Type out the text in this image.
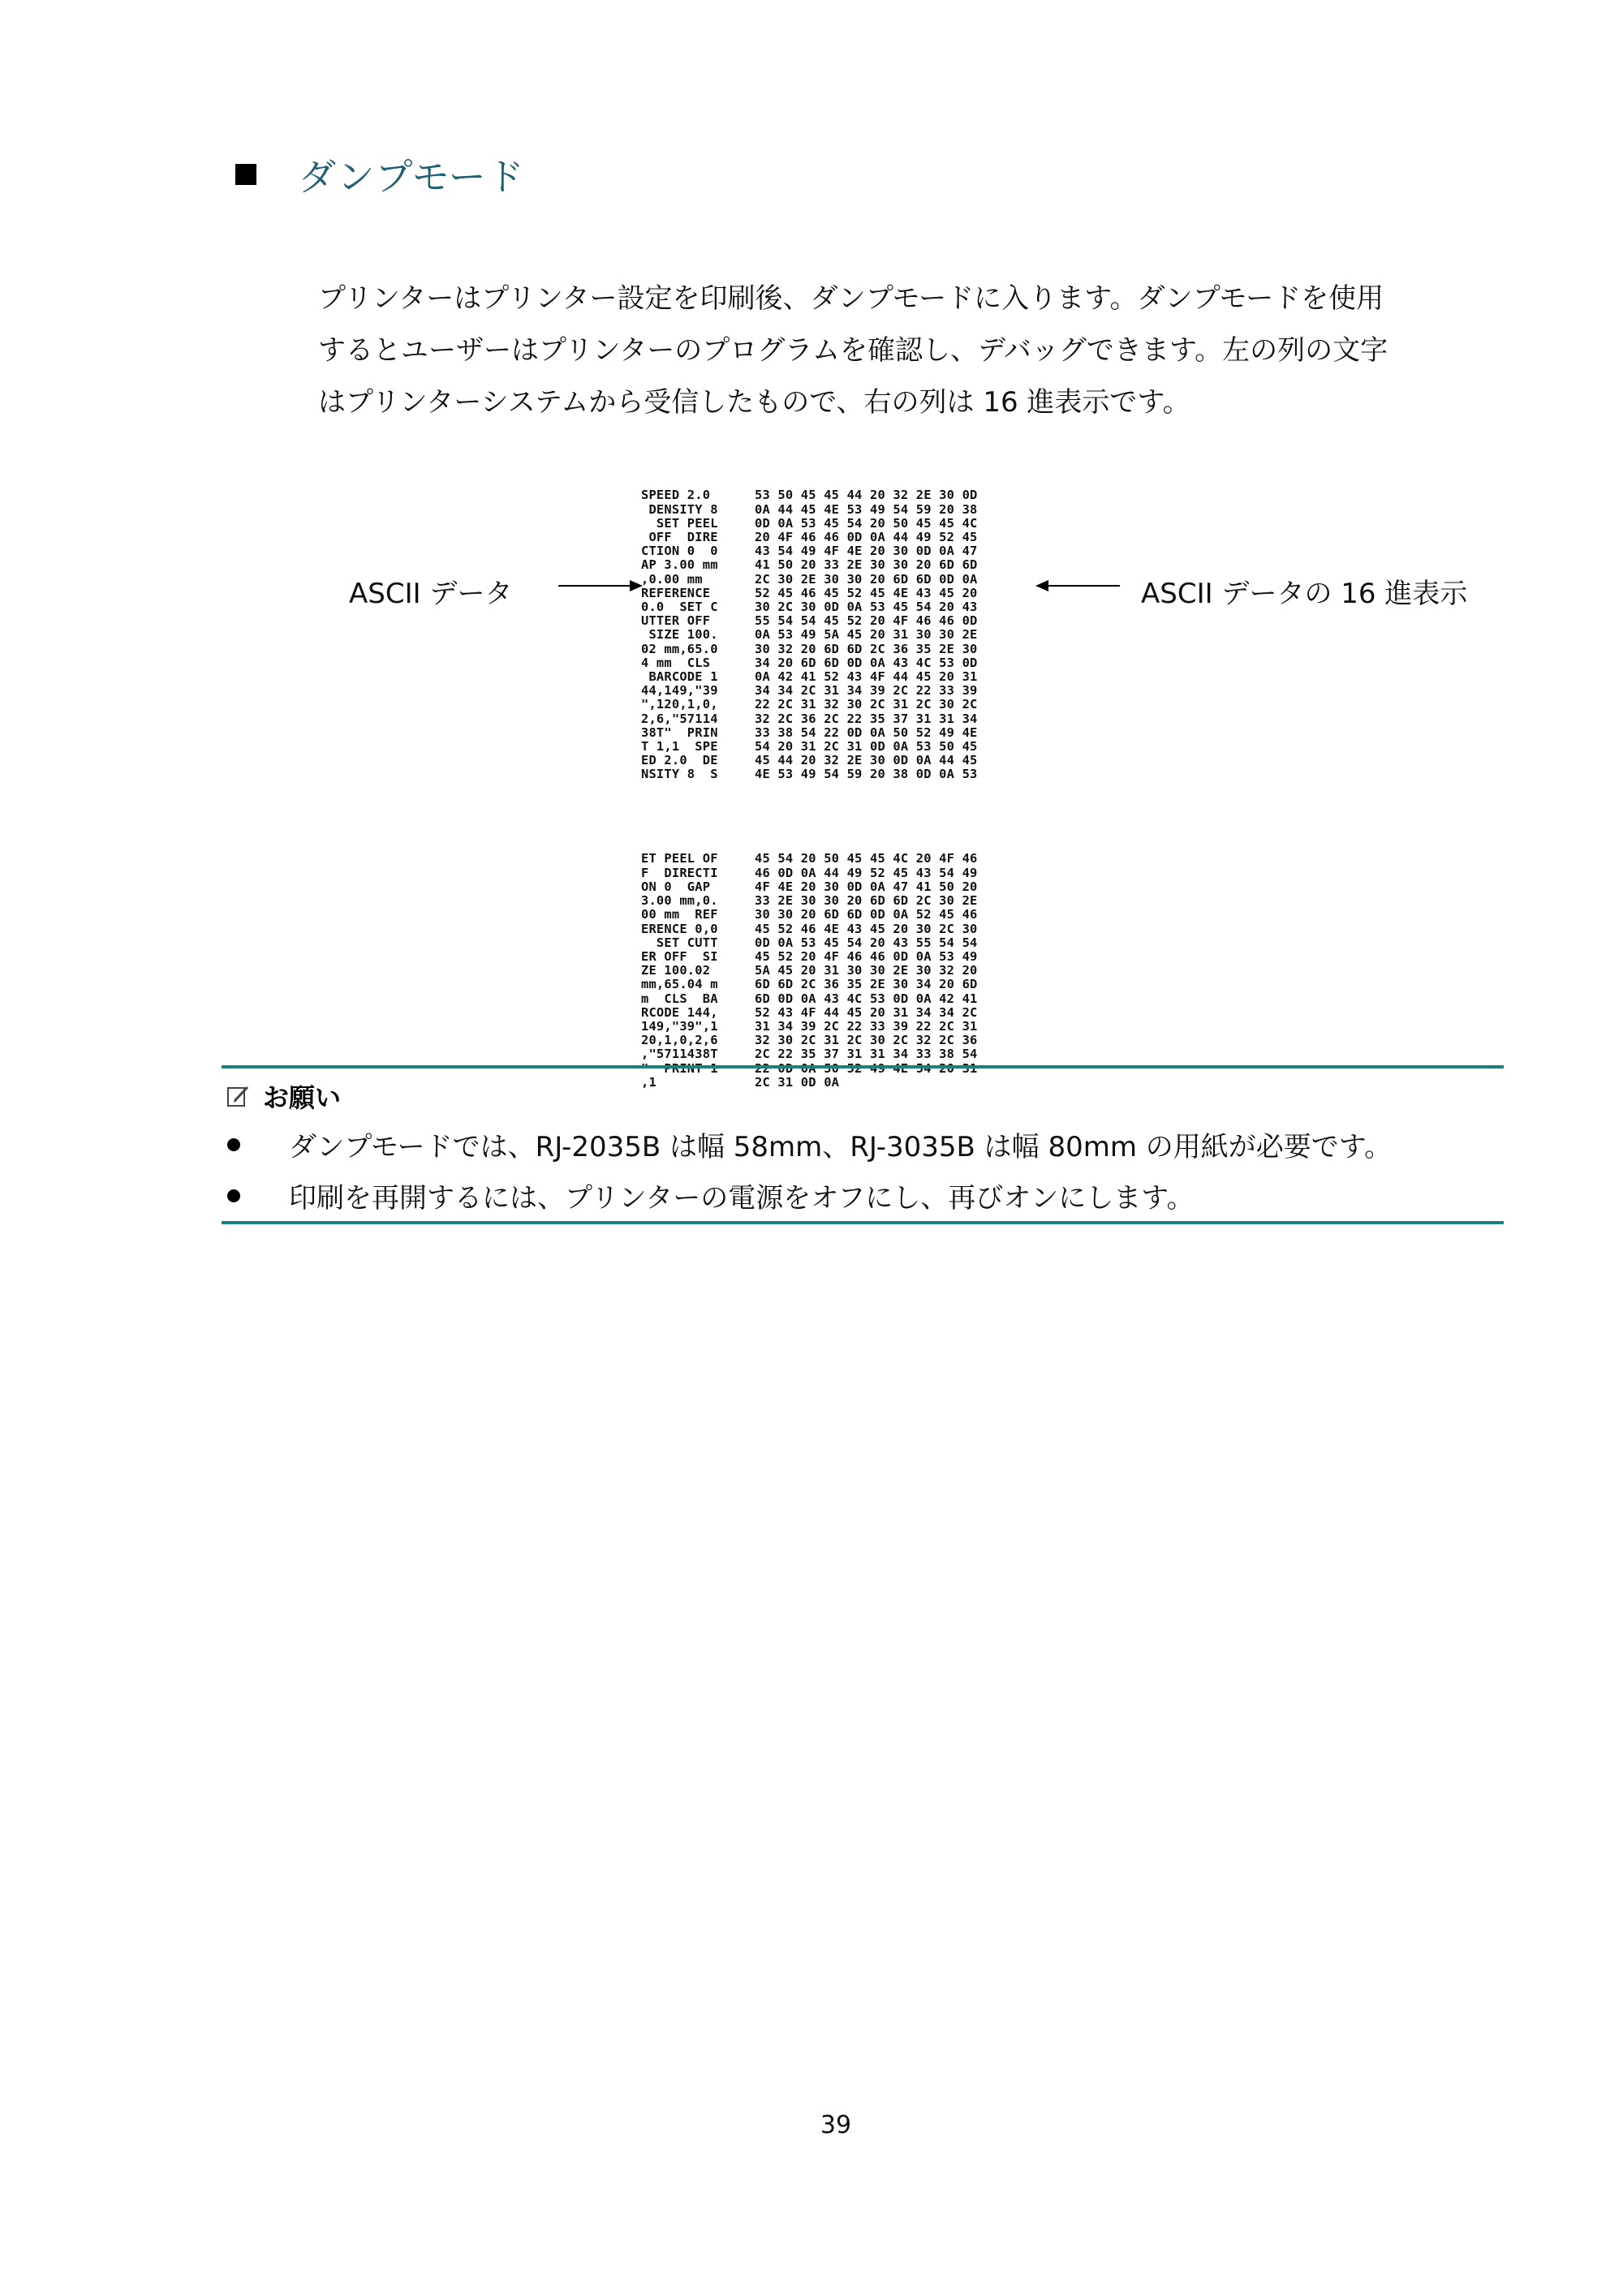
ダンプモード

プリンターはプリンター設定を印刷後、ダンプモードに入ります。ダンプモードを使用

するとユーザーはプリンターのプログラムを確認し、デバッグできます。左の列の文字

はプリンターシステムから受信したもので、右の列は 16 進表示です。

ASCII データ

SPEED 2.0
DENSITY 8
SET PEEL
OFF  DIRE
CTION 0  0
AP 3.00 mm
,0.00 mm
REFERENCE
0.0  SET C
UTTER OFF
SIZE 100.
02 mm,65.0
4 mm  CLS
BARCODE 1
44,149,"39
",120,1,0,
2,6,"57114
38T"  PRIN
T 1,1  SPE
ED 2.0  DE
NSITY 8  S

ET PEEL OF
F  DIRECTI
ON 0  GAP
3.00 mm,0.
00 mm  REF
ERENCE 0,0
SET CUTT
ER OFF  SI
ZE 100.02
mm,65.04 m
m  CLS  BA
RCODE 144,
149,"39",1
20,1,0,2,6
,"5711438T
,1

53 50 45 45 44 20 32 2E 30 0D
0A 44 45 4E 53 49 54 59 20 38
0D 0A 53 45 54 20 50 45 45 4C
20 4F 46 46 0D 0A 44 49 52 45
43 54 49 4F 4E 20 30 0D 0A 47
41 50 20 33 2E 30 30 20 6D 6D
2C 30 2E 30 30 20 6D 6D 0D 0A
52 45 46 45 52 45 4E 43 45 20
30 2C 30 0D 0A 53 45 54 20 43
55 54 54 45 52 20 4F 46 46 0D
0A 53 49 5A 45 20 31 30 30 2E
30 32 20 6D 6D 2C 36 35 2E 30
34 20 6D 6D 0D 0A 43 4C 53 0D
0A 42 41 52 43 4F 44 45 20 31
34 34 2C 31 34 39 2C 22 33 39
22 2C 31 32 30 2C 31 2C 30 2C
32 2C 36 2C 22 35 37 31 31 34
33 38 54 22 0D 0A 50 52 49 4E
54 20 31 2C 31 0D 0A 53 50 45
45 44 20 32 2E 30 0D 0A 44 45
4E 53 49 54 59 20 38 0D 0A 53

45 54 20 50 45 45 4C 20 4F 46
46 0D 0A 44 49 52 45 43 54 49
4F 4E 20 30 0D 0A 47 41 50 20
33 2E 30 30 20 6D 6D 2C 30 2E
30 30 20 6D 6D 0D 0A 52 45 46
45 52 46 4E 43 45 20 30 2C 30
0D 0A 53 45 54 20 43 55 54 54
45 52 20 4F 46 46 0D 0A 53 49
5A 45 20 31 30 30 2E 30 32 20
6D 6D 2C 36 35 2E 30 34 20 6D
6D 0D 0A 43 4C 53 0D 0A 42 41
52 43 4F 44 45 20 31 34 34 2C
31 34 39 2C 22 33 39 22 2C 31
32 30 2C 31 2C 30 2C 32 2C 36
2C 22 35 37 31 31 34 33 38 54
2C 31 0D 0A

ASCII データの 16 進表示
お願い
ダンプモードでは、RJ-2035B は幅 58mm、RJ-3035B は幅 80mm の用紙が必要です。
印刷を再開するには、プリンターの電源をオフにし、再びオンにします。
39
